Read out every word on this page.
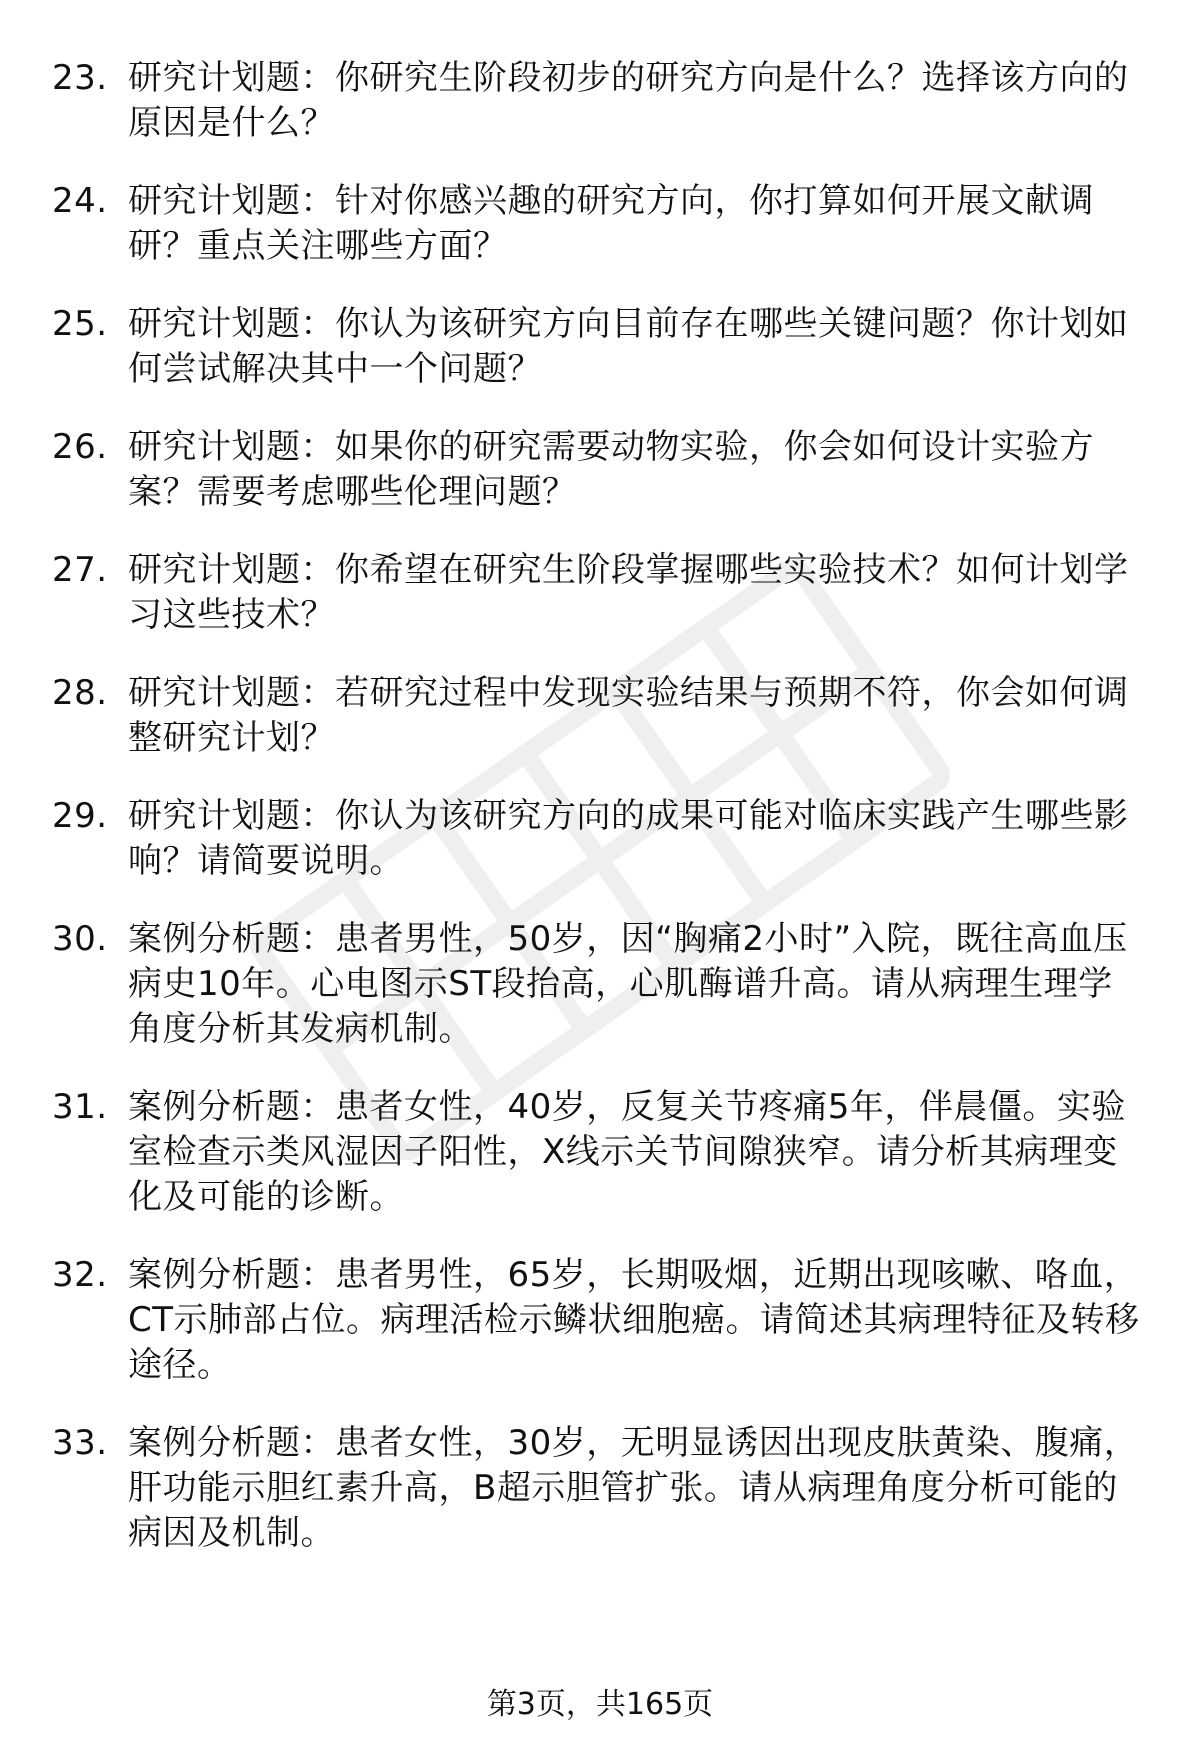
23. 研究计划题：你研究生阶段初步的研究方向是什么？选择该方向的原因是什么？
24. 研究计划题：针对你感兴趣的研究方向，你打算如何开展文献调研？重点关注哪些方面？
25. 研究计划题：你认为该研究方向目前存在哪些关键问题？你计划如何尝试解决其中一个问题？
26. 研究计划题：如果你的研究需要动物实验，你会如何设计实验方案？需要考虑哪些伦理问题？
27. 研究计划题：你希望在研究生阶段掌握哪些实验技术？如何计划学习这些技术？
28. 研究计划题：若研究过程中发现实验结果与预期不符，你会如何调整研究计划？
29. 研究计划题：你认为该研究方向的成果可能对临床实践产生哪些影响？请简要说明。
30. 案例分析题：患者男性，50岁，因“胸痛2小时”入院，既往高血压病史10年。心电图示ST段抬高，心肌酶谱升高。请从病理生理学角度分析其发病机制。
31. 案例分析题：患者女性，40岁，反复关节疼痛5年，伴晨僵。实验室检查示类风湿因子阳性，X线示关节间隙狭窄。请分析其病理变化及可能的诊断。
32. 案例分析题：患者男性，65岁，长期吸烟，近期出现咳嗽、咯血，CT示肺部占位。病理活检示鳞状细胞癌。请简述其病理特征及转移途径。
33. 案例分析题：患者女性，30岁，无明显诱因出现皮肤黄染、腹痛，肝功能示胆红素升高，B超示胆管扩张。请从病理角度分析可能的病因及机制。
第3页，共165页
